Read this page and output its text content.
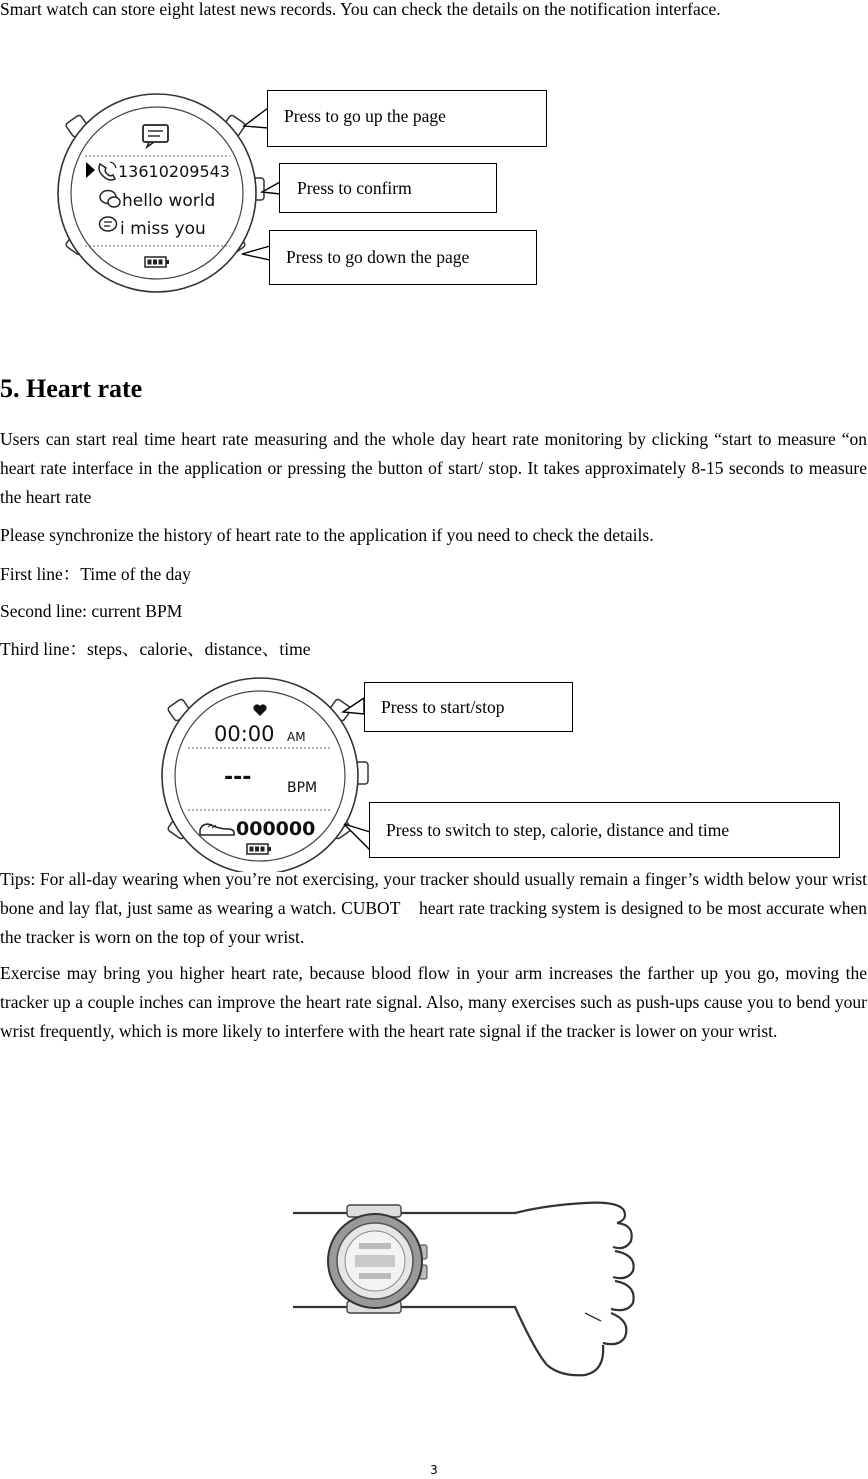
Smart watch can store eight latest news records. You can check the details on the notification interface.
13610209543
hello world
i miss you
Press to go up the page
Press to confirm
Press to go down the page
5. Heart rate
Users can start real time heart rate measuring and the whole day heart rate monitoring by clicking “start to measure “on heart rate interface in the application or pressing the button of start/ stop. It takes approximately 8-15 seconds to measure the heart rate
Please synchronize the history of heart rate to the application if you need to check the details.
First line：Time of the day
Second line: current BPM
Third line：steps、calorie、distance、time
00:00 AM
---	BPM
000000
Press to start/stop
Press to switch to step, calorie, distance and time
Tips: For all-day wearing when you’re not exercising, your tracker should usually remain a finger’s width below your wrist bone and lay flat, just same as wearing a watch. CUBOT    heart rate tracking system is designed to be most accurate when the tracker is worn on the top of your wrist.
Exercise may bring you higher heart rate, because blood flow in your arm increases the farther up you go, moving the tracker up a couple inches can improve the heart rate signal. Also, many exercises such as push-ups cause you to bend your wrist frequently, which is more likely to interfere with the heart rate signal if the tracker is lower on your wrist.
3
